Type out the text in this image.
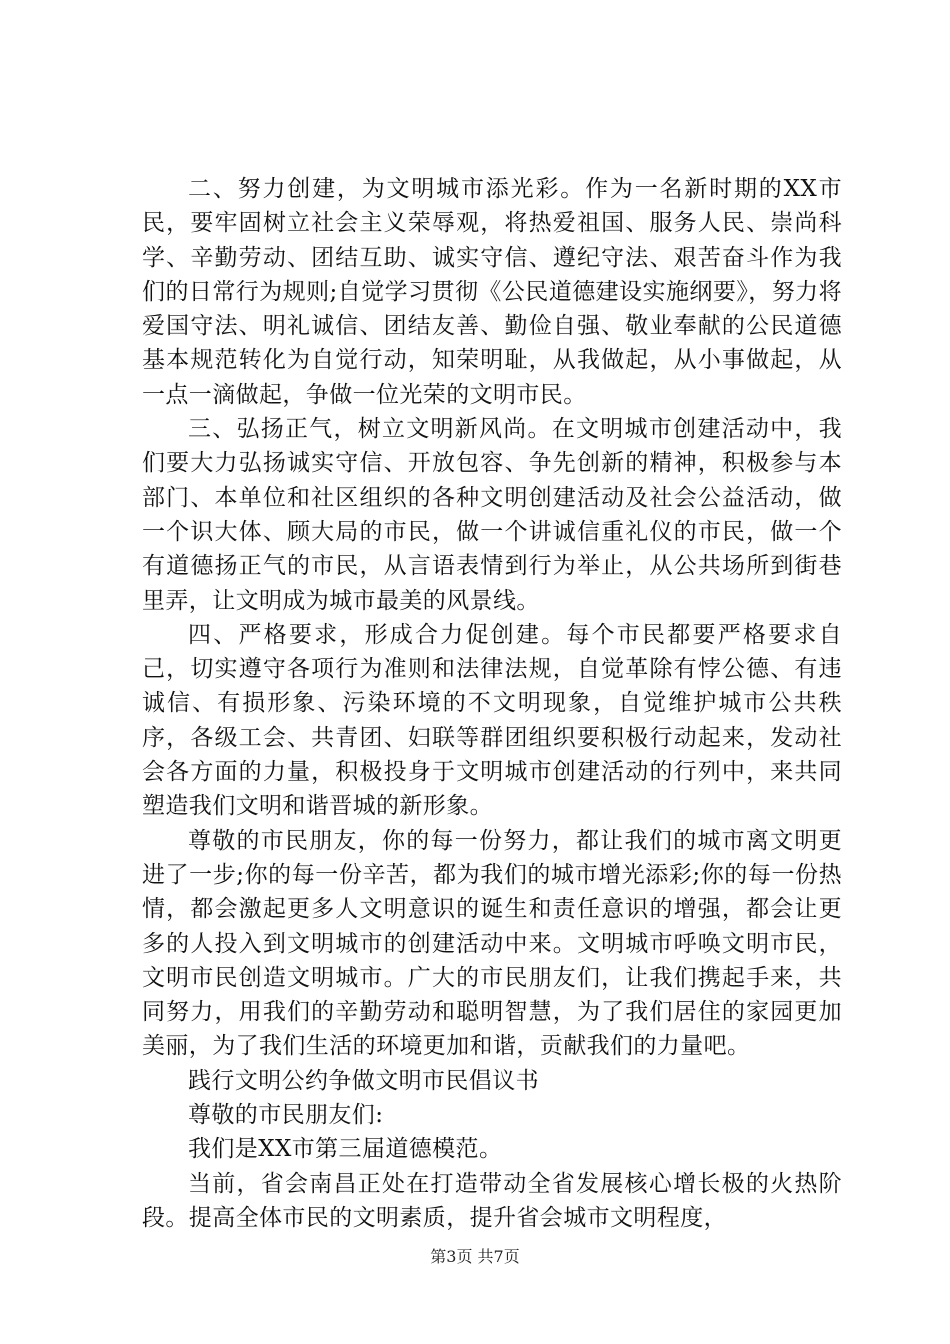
二、努力创建，为文明城市添光彩。作为一名新时期的XX市民，要牢固树立社会主义荣辱观，将热爱祖国、服务人民、崇尚科学、辛勤劳动、团结互助、诚实守信、遵纪守法、艰苦奋斗作为我们的日常行为规则;自觉学习贯彻《公民道德建设实施纲要》，努力将爱国守法、明礼诚信、团结友善、勤俭自强、敬业奉献的公民道德基本规范转化为自觉行动，知荣明耻，从我做起，从小事做起，从一点一滴做起，争做一位光荣的文明市民。

三、弘扬正气，树立文明新风尚。在文明城市创建活动中，我们要大力弘扬诚实守信、开放包容、争先创新的精神，积极参与本部门、本单位和社区组织的各种文明创建活动及社会公益活动，做一个识大体、顾大局的市民，做一个讲诚信重礼仪的市民，做一个有道德扬正气的市民，从言语表情到行为举止，从公共场所到街巷里弄，让文明成为城市最美的风景线。

四、严格要求，形成合力促创建。每个市民都要严格要求自己，切实遵守各项行为准则和法律法规，自觉革除有悖公德、有违诚信、有损形象、污染环境的不文明现象，自觉维护城市公共秩序，各级工会、共青团、妇联等群团组织要积极行动起来，发动社会各方面的力量，积极投身于文明城市创建活动的行列中，来共同塑造我们文明和谐晋城的新形象。

尊敬的市民朋友，你的每一份努力，都让我们的城市离文明更进了一步;你的每一份辛苦，都为我们的城市增光添彩;你的每一份热情，都会激起更多人文明意识的诞生和责任意识的增强，都会让更多的人投入到文明城市的创建活动中来。文明城市呼唤文明市民，文明市民创造文明城市。广大的市民朋友们，让我们携起手来，共同努力，用我们的辛勤劳动和聪明智慧，为了我们居住的家园更加美丽，为了我们生活的环境更加和谐，贡献我们的力量吧。

践行文明公约争做文明市民倡议书

尊敬的市民朋友们:

我们是XX市第三届道德模范。

当前，省会南昌正处在打造带动全省发展核心增长极的火热阶段。提高全体市民的文明素质，提升省会城市文明程度，

第3页 共7页
